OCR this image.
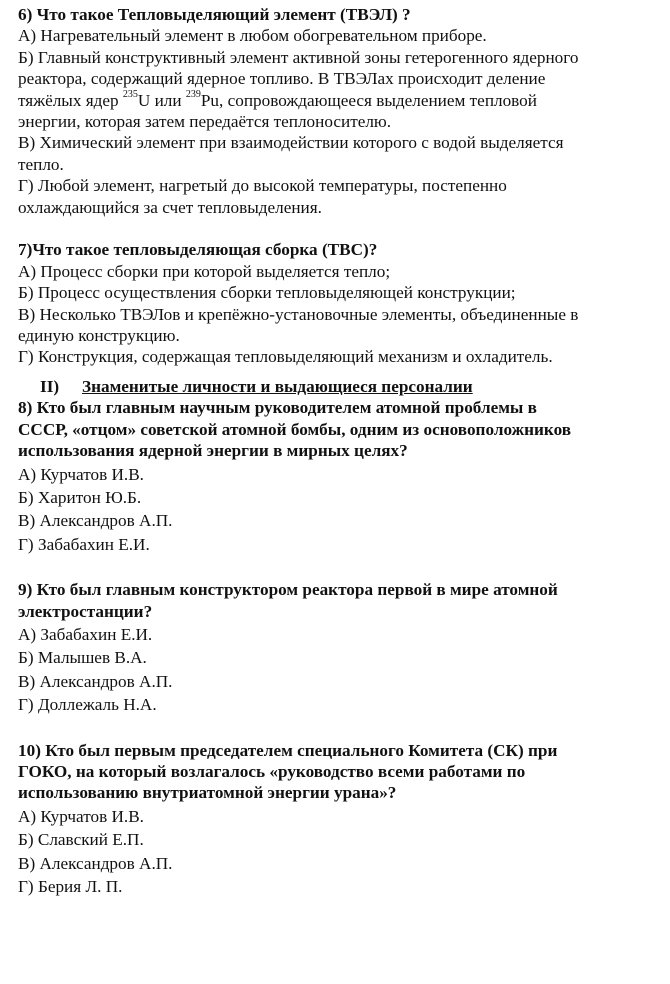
6) Что такое Тепловыделяющий элемент (ТВЭЛ) ?

А) Нагревательный элемент в любом обогревательном приборе.

Б) Главный конструктивный элемент активной зоны гетерогенного ядерного

реактора, содержащий ядерное топливо. В ТВЭЛах происходит деление

тяжёлых ядер $^{235}$U или $^{239}$Pu, сопровождающееся выделением тепловой

энергии, которая затем передаётся теплоносителю.

В) Химический элемент при взаимодействии которого с водой выделяется

тепло.

Г) Любой элемент, нагретый до высокой температуры, постепенно

охлаждающийся за счет тепловыделения.

7)Что такое тепловыделяющая сборка (ТВС)?

А) Процесс сборки при которой выделяется тепло;

Б) Процесс осуществления сборки тепловыделяющей конструкции;

В) Несколько ТВЭЛов и крепёжно-установочные элементы, объединенные в

единую конструкцию.

Г) Конструкция, содержащая тепловыделяющий механизм и охладитель.

II) Знаменитые личности и выдающиеся персоналии

8) Кто был главным научным руководителем атомной проблемы в

СССР, «отцом» советской атомной бомбы, одним из основоположников

использования ядерной энергии в мирных целях?

А) Курчатов И.В.

Б) Харитон Ю.Б.

В) Александров А.П.

Г) Забабахин Е.И.

9) Кто был главным конструктором реактора первой в мире атомной

электростанции?

А) Забабахин Е.И.

Б) Малышев В.А.

В) Александров А.П.

Г) Доллежаль Н.А.

10) Кто был первым председателем специального Комитета (СК) при

ГОКО, на который возлагалось «руководство всеми работами по

использованию внутриатомной энергии урана»?

А) Курчатов И.В.

Б) Славский Е.П.

В) Александров А.П.

Г) Берия Л. П.
